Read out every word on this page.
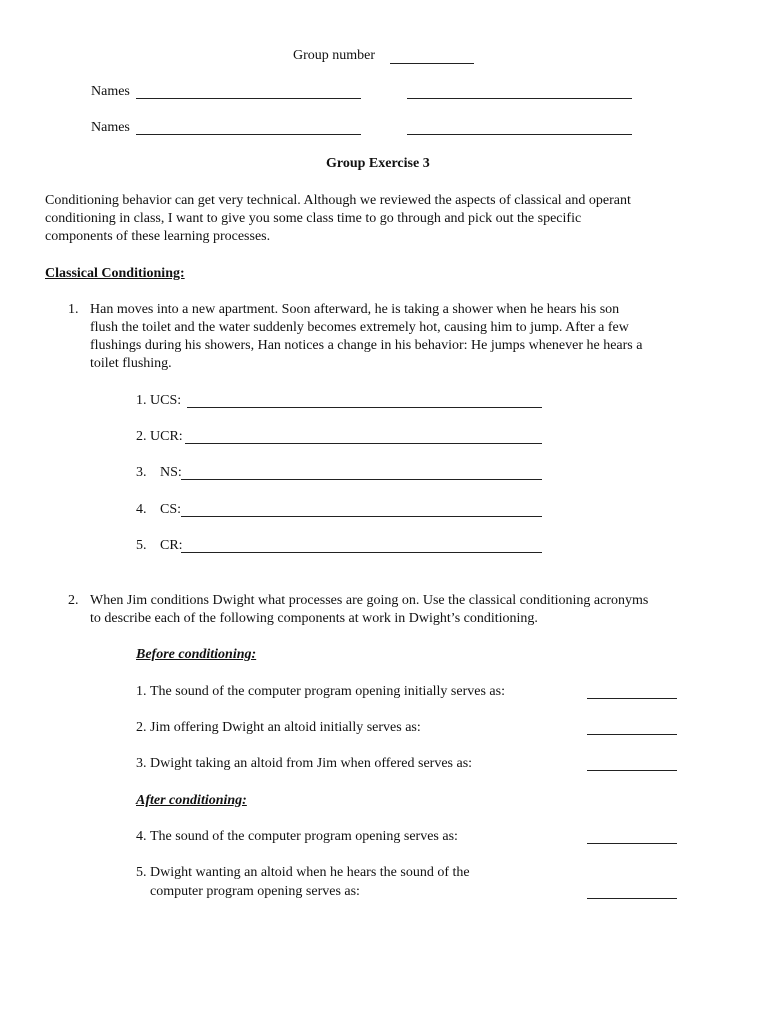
Group number
Names
Names
Group Exercise 3
Conditioning behavior can get very technical. Although we reviewed the aspects of classical and operant
conditioning in class, I want to give you some class time to go through and pick out the specific
components of these learning processes.
Classical Conditioning:
1. Han moves into a new apartment. Soon afterward, he is taking a shower when he hears his son
flush the toilet and the water suddenly becomes extremely hot, causing him to jump. After a few
flushings during his showers, Han notices a change in his behavior: He jumps whenever he hears a
toilet flushing.
1. UCS:
2. UCR:
3. NS:
4. CS:
5. CR:
2. When Jim conditions Dwight what processes are going on. Use the classical conditioning acronyms
to describe each of the following components at work in Dwight’s conditioning.
Before conditioning:
1. The sound of the computer program opening initially serves as:
2. Jim offering Dwight an altoid initially serves as:
3. Dwight taking an altoid from Jim when offered serves as:
After conditioning:
4. The sound of the computer program opening serves as:
5. Dwight wanting an altoid when he hears the sound of the
computer program opening serves as:
